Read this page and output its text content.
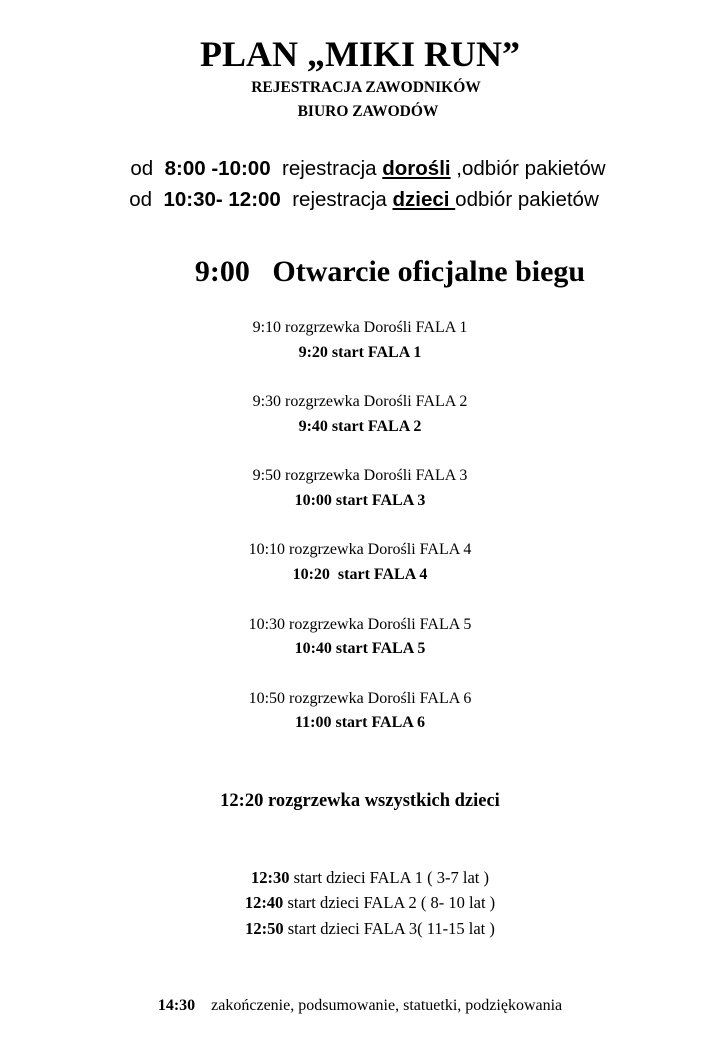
PLAN „MIKI RUN”
REJESTRACJA ZAWODNIKÓW
BIURO ZAWODÓW
od 8:00 -10:00 rejestracja dorośli ,odbiór pakietów
od 10:30- 12:00 rejestracja dzieci odbiór pakietów
9:00   Otwarcie oficjalne biegu
9:10 rozgrzewka Dorośli FALA 1
9:20 start FALA 1
9:30 rozgrzewka Dorośli FALA 2
9:40 start FALA 2
9:50 rozgrzewka Dorośli FALA 3
10:00 start FALA 3
10:10 rozgrzewka Dorośli FALA 4
10:20  start FALA 4
10:30 rozgrzewka Dorośli FALA 5
10:40 start FALA 5
10:50 rozgrzewka Dorośli FALA 6
11:00 start FALA 6
12:20 rozgrzewka wszystkich dzieci
12:30 start dzieci FALA 1 ( 3-7 lat )
12:40 start dzieci FALA 2 ( 8- 10 lat )
12:50 start dzieci FALA 3( 11-15 lat )
14:30    zakończenie, podsumowanie, statuetki, podziękowania
